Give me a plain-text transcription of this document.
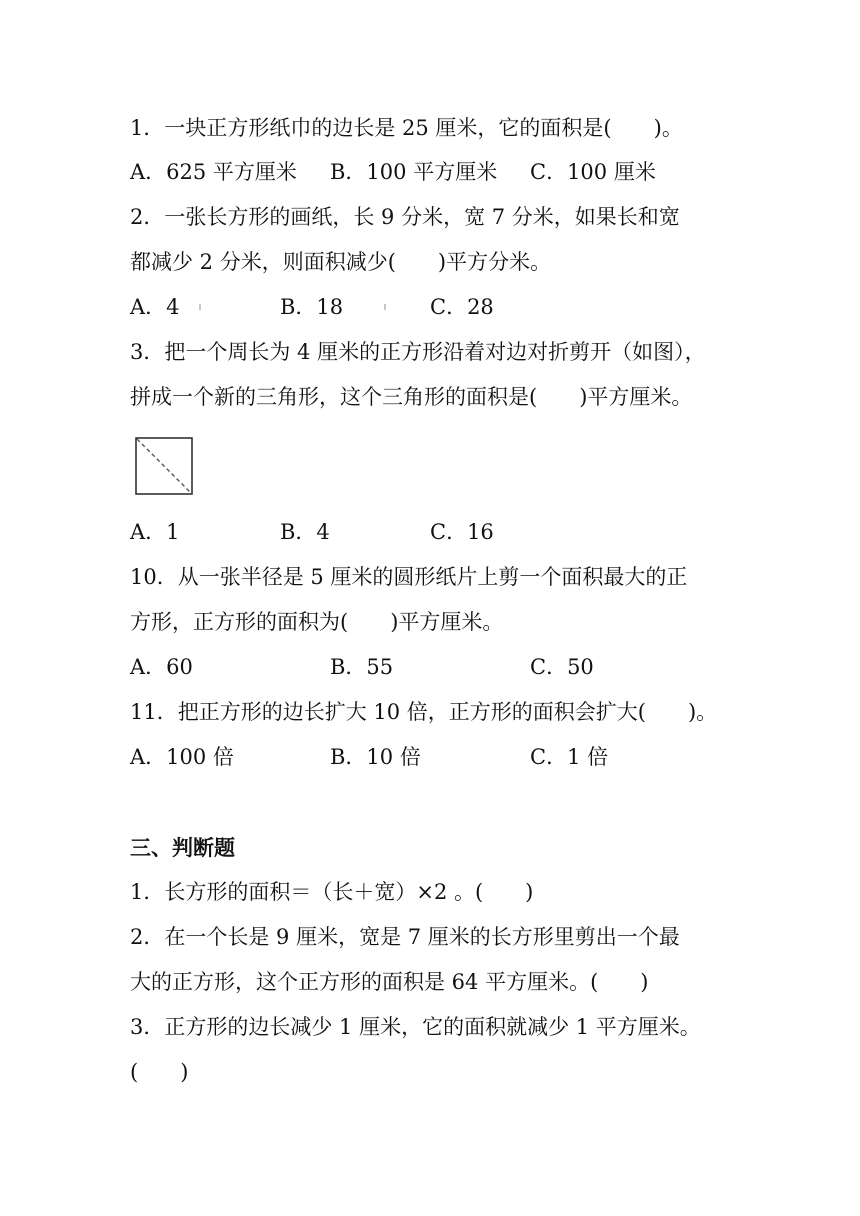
1．一块正方形纸巾的边长是 25 厘米，它的面积是(　　)。
A．625 平方厘米 B．100 平方厘米 C．100 厘米
2．一张长方形的画纸，长 9 分米，宽 7 分米，如果长和宽
都减少 2 分米，则面积减少(　　)平方分米。
A．4	B．18	C．28
3．把一个周长为 4 厘米的正方形沿着对边对折剪开（如图），
拼成一个新的三角形，这个三角形的面积是(　　)平方厘米。
A．1	B．4	C．16
10．从一张半径是 5 厘米的圆形纸片上剪一个面积最大的正
方形，正方形的面积为(　　)平方厘米。
A．60	B．55	C．50
11．把正方形的边长扩大 10 倍，正方形的面积会扩大(　　)。
A．100 倍	B．10 倍	C．1 倍
三、判断题
1．长方形的面积＝（长＋宽）×2 。(　　)
2．在一个长是 9 厘米，宽是 7 厘米的长方形里剪出一个最
大的正方形，这个正方形的面积是 64 平方厘米。(　　)
3．正方形的边长减少 1 厘米，它的面积就减少 1 平方厘米。
(　　)
